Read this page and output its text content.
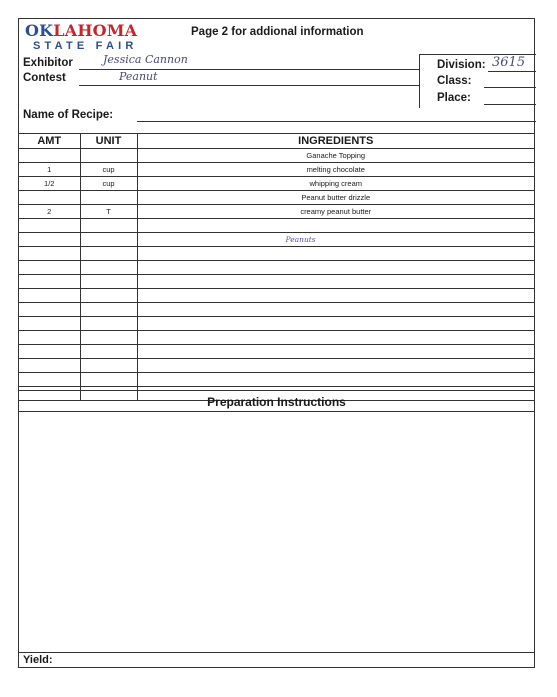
OKLAHOMA
STATE FAIR
Page 2 for addional information
Exhibitor	Jessica Cannon
Contest	Peanut
Division: 3615
Class:
Place:
Name of Recipe:
AMT	UNIT	INGREDIENTS
		Ganache Topping
1	cup	melting chocolate
1/2	cup	whipping cream
		Peanut butter drizzle
2	T	creamy peanut butter

		Peanuts

Preparation Instructions
Yield:
